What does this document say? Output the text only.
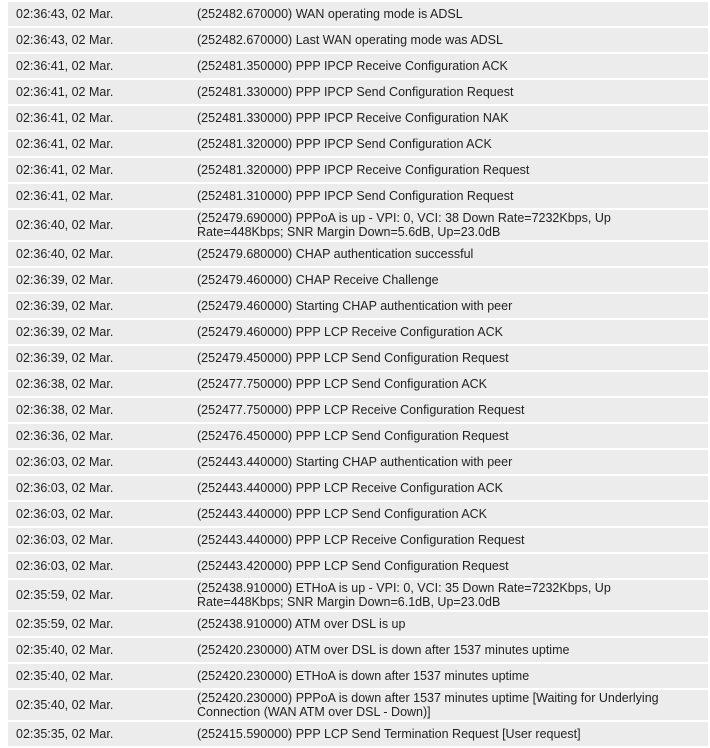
02:36:43, 02 Mar.	(252482.670000) WAN operating mode is ADSL
02:36:43, 02 Mar.	(252482.670000) Last WAN operating mode was ADSL
02:36:41, 02 Mar.	(252481.350000) PPP IPCP Receive Configuration ACK
02:36:41, 02 Mar.	(252481.330000) PPP IPCP Send Configuration Request
02:36:41, 02 Mar.	(252481.330000) PPP IPCP Receive Configuration NAK
02:36:41, 02 Mar.	(252481.320000) PPP IPCP Send Configuration ACK
02:36:41, 02 Mar.	(252481.320000) PPP IPCP Receive Configuration Request
02:36:41, 02 Mar.	(252481.310000) PPP IPCP Send Configuration Request
02:36:40, 02 Mar.	(252479.690000) PPPoA is up - VPI: 0, VCI: 38 Down Rate=7232Kbps, Up Rate=448Kbps; SNR Margin Down=5.6dB, Up=23.0dB
02:36:40, 02 Mar.	(252479.680000) CHAP authentication successful
02:36:39, 02 Mar.	(252479.460000) CHAP Receive Challenge
02:36:39, 02 Mar.	(252479.460000) Starting CHAP authentication with peer
02:36:39, 02 Mar.	(252479.460000) PPP LCP Receive Configuration ACK
02:36:39, 02 Mar.	(252479.450000) PPP LCP Send Configuration Request
02:36:38, 02 Mar.	(252477.750000) PPP LCP Send Configuration ACK
02:36:38, 02 Mar.	(252477.750000) PPP LCP Receive Configuration Request
02:36:36, 02 Mar.	(252476.450000) PPP LCP Send Configuration Request
02:36:03, 02 Mar.	(252443.440000) Starting CHAP authentication with peer
02:36:03, 02 Mar.	(252443.440000) PPP LCP Receive Configuration ACK
02:36:03, 02 Mar.	(252443.440000) PPP LCP Send Configuration ACK
02:36:03, 02 Mar.	(252443.440000) PPP LCP Receive Configuration Request
02:36:03, 02 Mar.	(252443.420000) PPP LCP Send Configuration Request
02:35:59, 02 Mar.	(252438.910000) ETHoA is up - VPI: 0, VCI: 35 Down Rate=7232Kbps, Up Rate=448Kbps; SNR Margin Down=6.1dB, Up=23.0dB
02:35:59, 02 Mar.	(252438.910000) ATM over DSL is up
02:35:40, 02 Mar.	(252420.230000) ATM over DSL is down after 1537 minutes uptime
02:35:40, 02 Mar.	(252420.230000) ETHoA is down after 1537 minutes uptime
02:35:40, 02 Mar.	(252420.230000) PPPoA is down after 1537 minutes uptime [Waiting for Underlying Connection (WAN ATM over DSL - Down)]
02:35:35, 02 Mar.	(252415.590000) PPP LCP Send Termination Request [User request]
